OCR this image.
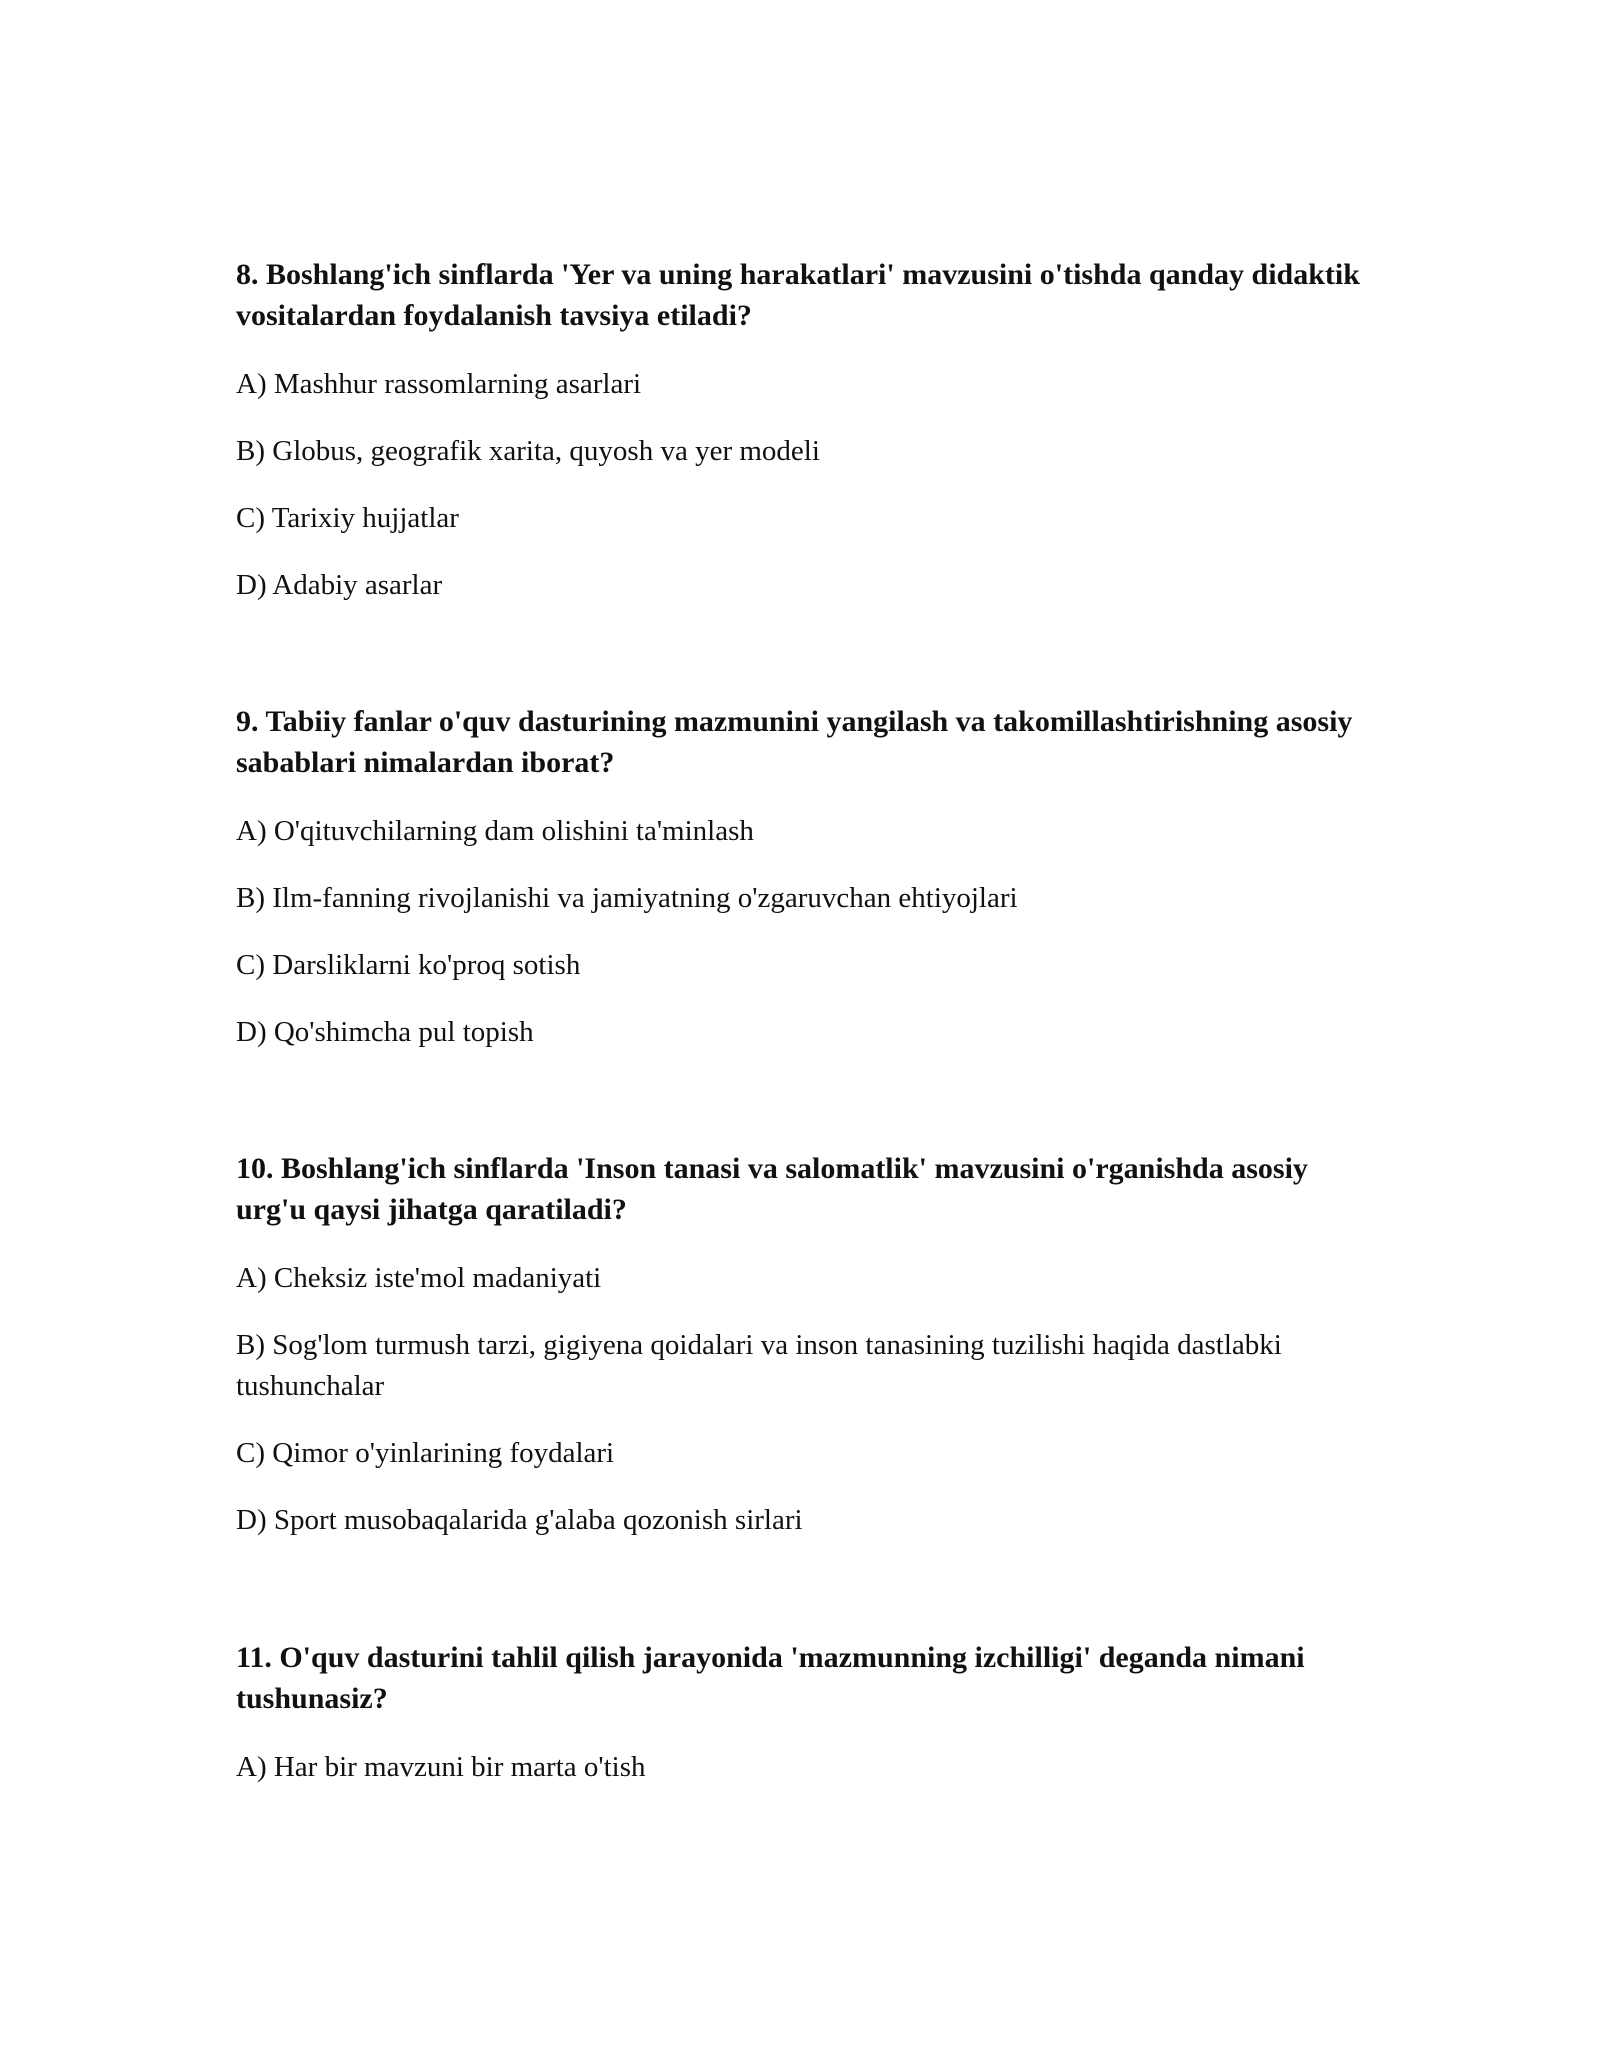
8. Boshlang'ich sinflarda 'Yer va uning harakatlari' mavzusini o'tishda qanday didaktik vositalardan foydalanish tavsiya etiladi?

A) Mashhur rassomlarning asarlari

B) Globus, geografik xarita, quyosh va yer modeli

C) Tarixiy hujjatlar

D) Adabiy asarlar

9. Tabiiy fanlar o'quv dasturining mazmunini yangilash va takomillashtirishning asosiy sabablari nimalardan iborat?

A) O'qituvchilarning dam olishini ta'minlash

B) Ilm-fanning rivojlanishi va jamiyatning o'zgaruvchan ehtiyojlari

C) Darsliklarni ko'proq sotish

D) Qo'shimcha pul topish

10. Boshlang'ich sinflarda 'Inson tanasi va salomatlik' mavzusini o'rganishda asosiy urg'u qaysi jihatga qaratiladi?

A) Cheksiz iste'mol madaniyati

B) Sog'lom turmush tarzi, gigiyena qoidalari va inson tanasining tuzilishi haqida dastlabki tushunchalar

C) Qimor o'yinlarining foydalari

D) Sport musobaqalarida g'alaba qozonish sirlari

11. O'quv dasturini tahlil qilish jarayonida 'mazmunning izchilligi' deganda nimani tushunasiz?

A) Har bir mavzuni bir marta o'tish
